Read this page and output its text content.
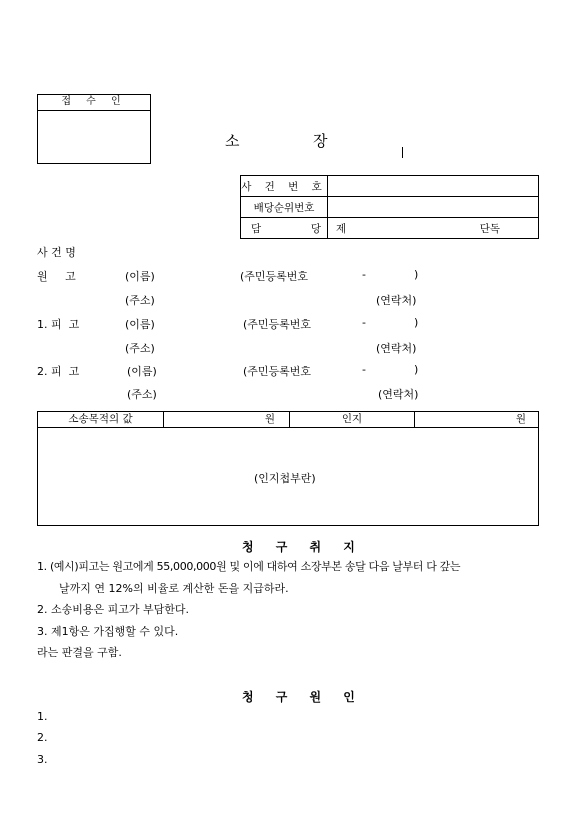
접 수 인
소	장
사 건 번 호	
배당순위번호	

담 당	제 단독
사 건 명
원     고	(이름)	(주민등록번호	-	)
(주소)	(연락처)
1. 피  고	(이름)	(주민등록번호	-	)
(주소)	(연락처)
2. 피  고	(이름)	(주민등록번호	-	)
(주소)	(연락처)
소송목적의 값	원	인지	원
(인지첩부란)
청 구 취 지
1. (예시)피고는 원고에게 55,000,000원 및 이에 대하여 소장부본 송달 다음 날부터 다 갚는
날까지 연 12%의 비율로 계산한 돈을 지급하라.
2. 소송비용은 피고가 부담한다.
3. 제1항은 가집행할 수 있다.
라는 판결을 구함.
청 구 원 인
1.
2.
3.
